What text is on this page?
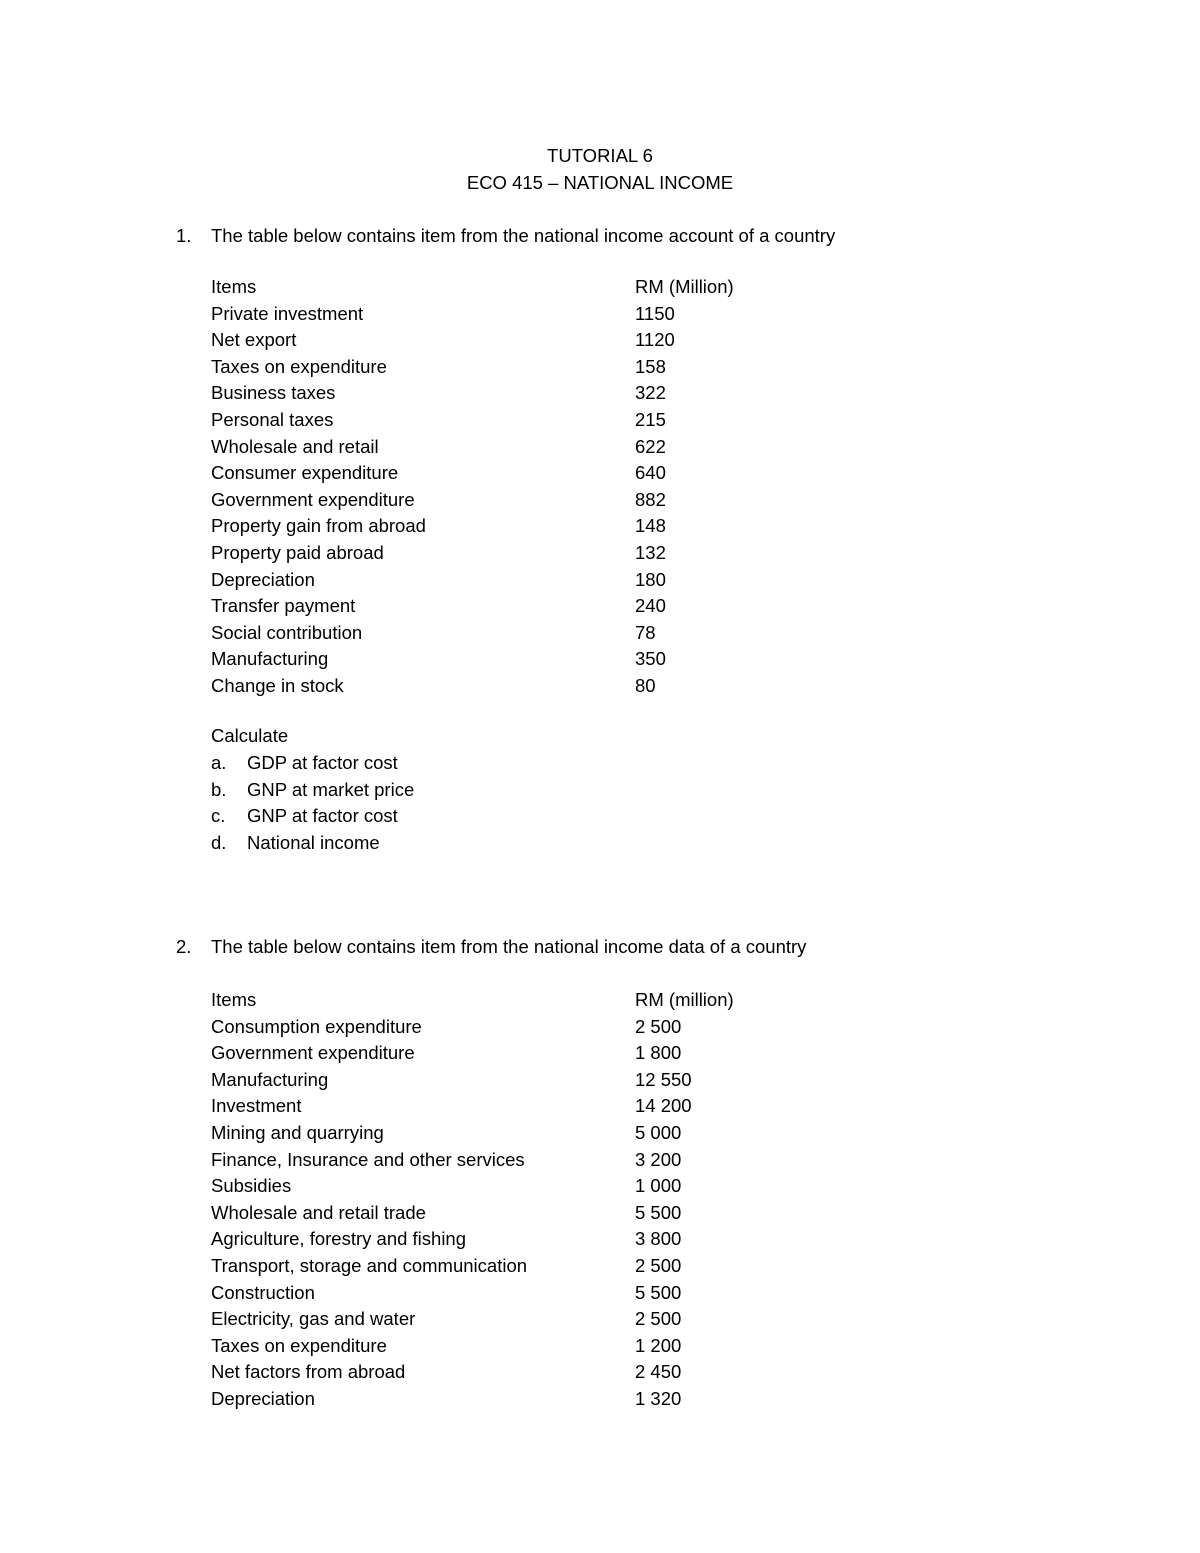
TUTORIAL 6
ECO 415 – NATIONAL INCOME
1. The table below contains item from the national income account of a country
Items	RM (Million)
Private investment	1150
Net export	1120
Taxes on expenditure	158
Business taxes	322
Personal taxes	215
Wholesale and retail	622
Consumer expenditure	640
Government expenditure	882
Property gain from abroad	148
Property paid abroad	132
Depreciation	180
Transfer payment	240
Social contribution	78
Manufacturing	350
Change in stock	80
Calculate
a. GDP at factor cost
b. GNP at market price
c. GNP at factor cost
d. National income
2. The table below contains item from the national income data of a country
Items	RM (million)
Consumption expenditure	2 500
Government expenditure	1 800
Manufacturing	12 550
Investment	14 200
Mining and quarrying	5 000
Finance, Insurance and other services	3 200
Subsidies	1 000
Wholesale and retail trade	5 500
Agriculture, forestry and fishing	3 800
Transport, storage and communication	2 500
Construction	5 500
Electricity, gas and water	2 500
Taxes on expenditure	1 200
Net factors from abroad	2 450
Depreciation	1 320
